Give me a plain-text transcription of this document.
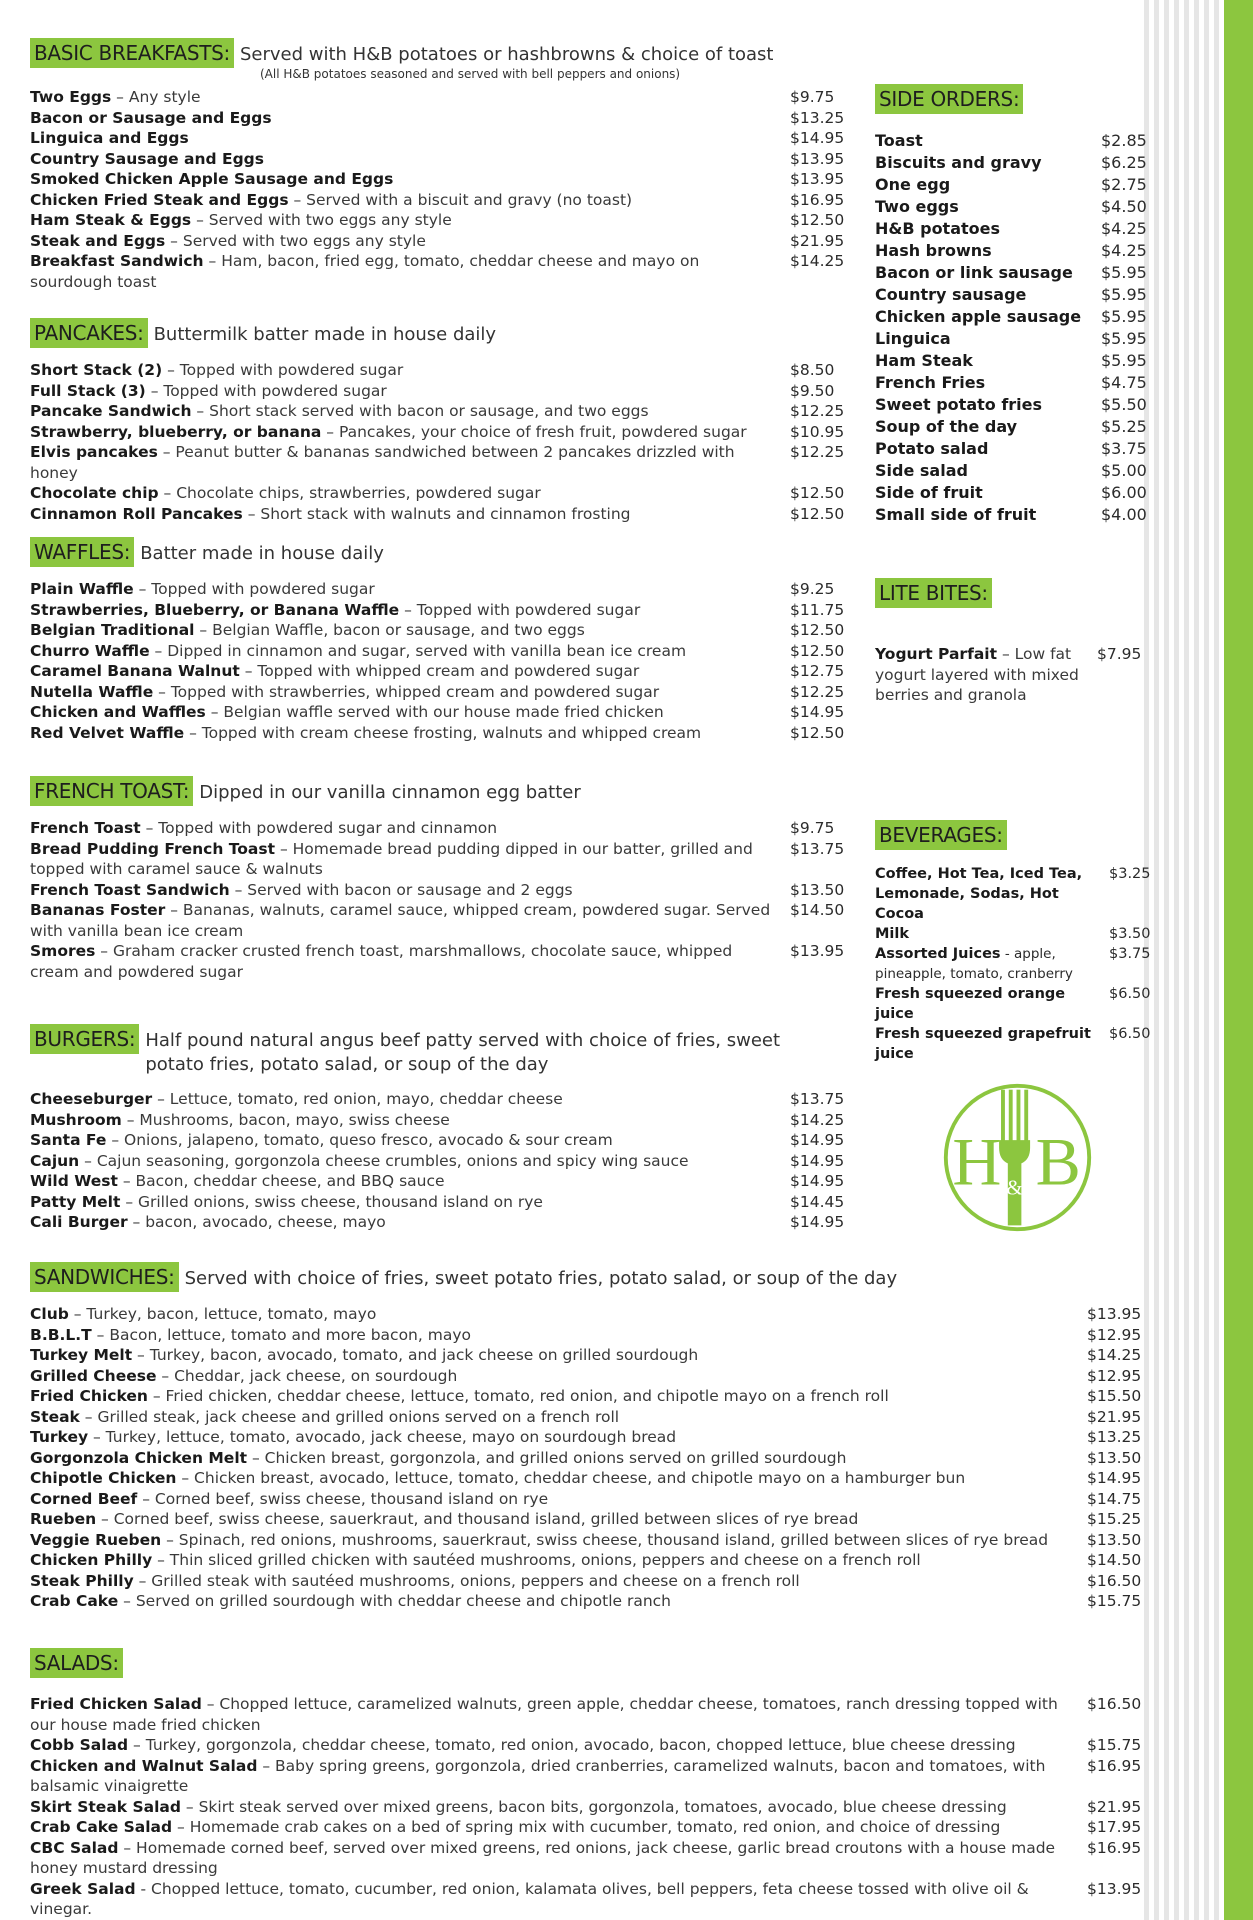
BASIC BREAKFASTS: Served with H&B potatoes or hashbrowns & choice of toast
(All H&B potatoes seasoned and served with bell peppers and onions)
Two Eggs – Any style	$9.75
Bacon or Sausage and Eggs	$13.25
Linguica and Eggs	$14.95
Country Sausage and Eggs	$13.95
Smoked Chicken Apple Sausage and Eggs	$13.95
Chicken Fried Steak and Eggs – Served with a biscuit and gravy (no toast)	$16.95
Ham Steak & Eggs – Served with two eggs any style	$12.50
Steak and Eggs – Served with two eggs any style	$21.95
Breakfast Sandwich – Ham, bacon, fried egg, tomato, cheddar cheese and mayo on sourdough toast
$14.25
PANCAKES: Buttermilk batter made in house daily
Short Stack (2) – Topped with powdered sugar	$8.50
Full Stack (3) – Topped with powdered sugar	$9.50
Pancake Sandwich – Short stack served with bacon or sausage, and two eggs	$12.25
Strawberry, blueberry, or banana – Pancakes, your choice of fresh fruit, powdered sugar	$10.95
Elvis pancakes – Peanut butter & bananas sandwiched between 2 pancakes drizzled with honey
$12.25
Chocolate chip – Chocolate chips, strawberries, powdered sugar	$12.50
Cinnamon Roll Pancakes – Short stack with walnuts and cinnamon frosting	$12.50
WAFFLES: Batter made in house daily
Plain Waffle – Topped with powdered sugar	$9.25
Strawberries, Blueberry, or Banana Waffle – Topped with powdered sugar	$11.75
Belgian Traditional – Belgian Waffle, bacon or sausage, and two eggs	$12.50
Churro Waffle – Dipped in cinnamon and sugar, served with vanilla bean ice cream	$12.50
Caramel Banana Walnut – Topped with whipped cream and powdered sugar	$12.75
Nutella Waffle – Topped with strawberries, whipped cream and powdered sugar	$12.25
Chicken and Waffles – Belgian waffle served with our house made fried chicken	$14.95
Red Velvet Waffle – Topped with cream cheese frosting, walnuts and whipped cream	$12.50
FRENCH TOAST: Dipped in our vanilla cinnamon egg batter
French Toast – Topped with powdered sugar and cinnamon	$9.75
Bread Pudding French Toast – Homemade bread pudding dipped in our batter, grilled and topped with caramel sauce & walnuts
$13.75
French Toast Sandwich – Served with bacon or sausage and 2 eggs	$13.50
Bananas Foster – Bananas, walnuts, caramel sauce, whipped cream, powdered sugar. Served with vanilla bean ice cream
$14.50
Smores – Graham cracker crusted french toast, marshmallows, chocolate sauce, whipped cream and powdered sugar
$13.95
BURGERS: Half pound natural angus beef patty served with choice of fries, sweet potato fries, potato salad, or soup of the day
Cheeseburger – Lettuce, tomato, red onion, mayo, cheddar cheese	$13.75
Mushroom – Mushrooms, bacon, mayo, swiss cheese	$14.25
Santa Fe – Onions, jalapeno, tomato, queso fresco, avocado & sour cream	$14.95
Cajun – Cajun seasoning, gorgonzola cheese crumbles, onions and spicy wing sauce	$14.95
Wild West – Bacon, cheddar cheese, and BBQ sauce	$14.95
Patty Melt – Grilled onions, swiss cheese, thousand island on rye	$14.45
Cali Burger – bacon, avocado, cheese, mayo	$14.95
SIDE ORDERS:
Toast	$2.85
Biscuits and gravy	$6.25
One egg	$2.75
Two eggs	$4.50
H&B potatoes	$4.25
Hash browns	$4.25
Bacon or link sausage $5.95
Country sausage	$5.95
Chicken apple sausage $5.95
Linguica	$5.95
Ham Steak	$5.95
French Fries	$4.75
Sweet potato fries	$5.50
Soup of the day	$5.25
Potato salad	$3.75
Side salad	$5.00
Side of fruit	$6.00
Small side of fruit	$4.00
LITE BITES:
Yogurt Parfait – Low fat yogurt layered with mixed berries and granola
$7.95
BEVERAGES:
Coffee, Hot Tea, Iced Tea, Lemonade, Sodas, Hot Cocoa
$3.25
Milk	$3.50
Assorted Juices - apple, pineapple, tomato, cranberry
$3.75
Fresh squeezed orange juice
$6.50
Fresh squeezed grapefruit juice
$6.50
H B
&
SANDWICHES: Served with choice of fries, sweet potato fries, potato salad, or soup of the day
Club – Turkey, bacon, lettuce, tomato, mayo	$13.95
B.B.L.T – Bacon, lettuce, tomato and more bacon, mayo	$12.95
Turkey Melt – Turkey, bacon, avocado, tomato, and jack cheese on grilled sourdough	$14.25
Grilled Cheese – Cheddar, jack cheese, on sourdough	$12.95
Fried Chicken – Fried chicken, cheddar cheese, lettuce, tomato, red onion, and chipotle mayo on a french roll	$15.50
Steak – Grilled steak, jack cheese and grilled onions served on a french roll	$21.95
Turkey – Turkey, lettuce, tomato, avocado, jack cheese, mayo on sourdough bread	$13.25
Gorgonzola Chicken Melt – Chicken breast, gorgonzola, and grilled onions served on grilled sourdough	$13.50
Chipotle Chicken – Chicken breast, avocado, lettuce, tomato, cheddar cheese, and chipotle mayo on a hamburger bun	$14.95
Corned Beef – Corned beef, swiss cheese, thousand island on rye	$14.75
Rueben – Corned beef, swiss cheese, sauerkraut, and thousand island, grilled between slices of rye bread	$15.25
Veggie Rueben – Spinach, red onions, mushrooms, sauerkraut, swiss cheese, thousand island, grilled between slices of rye bread	$13.50
Chicken Philly – Thin sliced grilled chicken with sautéed mushrooms, onions, peppers and cheese on a french roll	$14.50
Steak Philly – Grilled steak with sautéed mushrooms, onions, peppers and cheese on a french roll	$16.50
Crab Cake – Served on grilled sourdough with cheddar cheese and chipotle ranch	$15.75
SALADS:
Fried Chicken Salad – Chopped lettuce, caramelized walnuts, green apple, cheddar cheese, tomatoes, ranch dressing topped with our house made fried chicken
$16.50
Cobb Salad – Turkey, gorgonzola, cheddar cheese, tomato, red onion, avocado, bacon, chopped lettuce, blue cheese dressing	$15.75
Chicken and Walnut Salad – Baby spring greens, gorgonzola, dried cranberries, caramelized walnuts, bacon and tomatoes, with balsamic vinaigrette
$16.95
Skirt Steak Salad – Skirt steak served over mixed greens, bacon bits, gorgonzola, tomatoes, avocado, blue cheese dressing	$21.95
Crab Cake Salad – Homemade crab cakes on a bed of spring mix with cucumber, tomato, red onion, and choice of dressing	$17.95
CBC Salad – Homemade corned beef, served over mixed greens, red onions, jack cheese, garlic bread croutons with a house made honey mustard dressing
$16.95
Greek Salad - Chopped lettuce, tomato, cucumber, red onion, kalamata olives, bell peppers, feta cheese tossed with olive oil & vinegar.
$13.95
